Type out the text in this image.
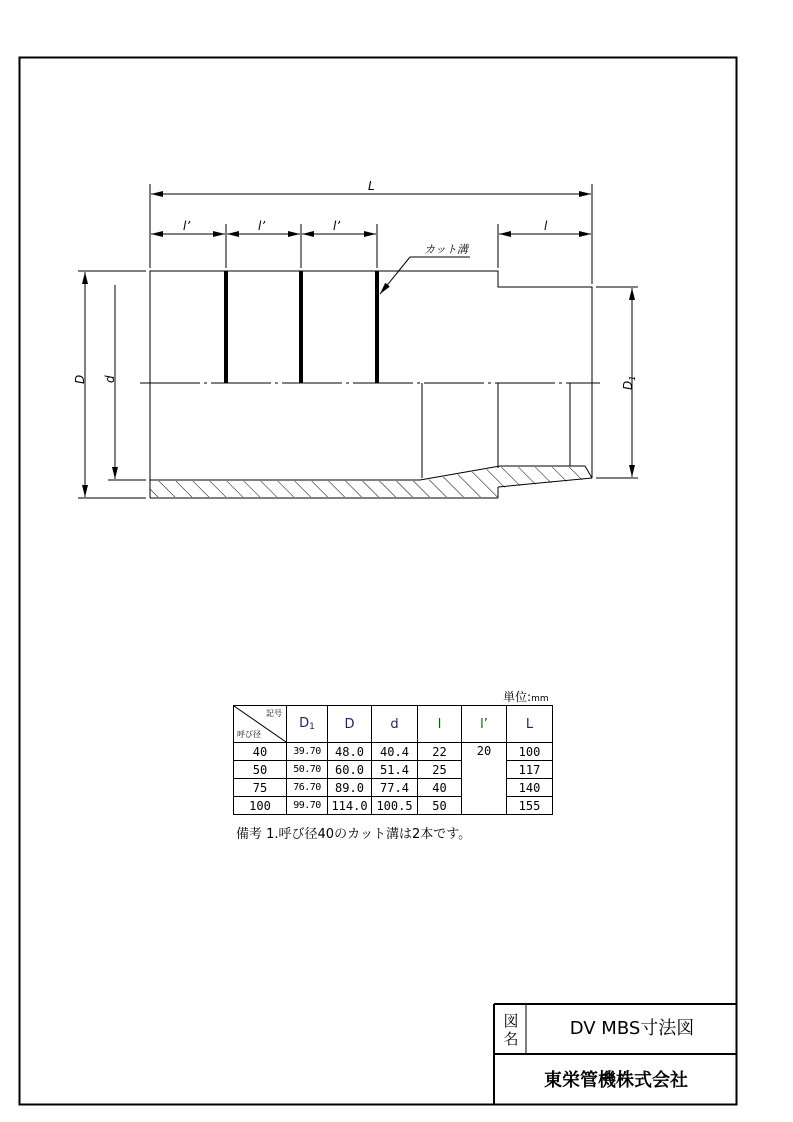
L
l’	l’	l’	l
カット溝
D d
$D_1$
単位:mm
記号
呼び径	D1	D	d	l	l’	L
40	39.70	48.0	40.4	22	20	100
50	50.70	60.0	51.4	25		117
75	76.70	89.0	77.4	40		140
100	99.70	114.0	100.5	50		155
備考 1.呼び径40のカット溝は2本です。
図
名	DV MBS寸法図
東栄管機株式会社
